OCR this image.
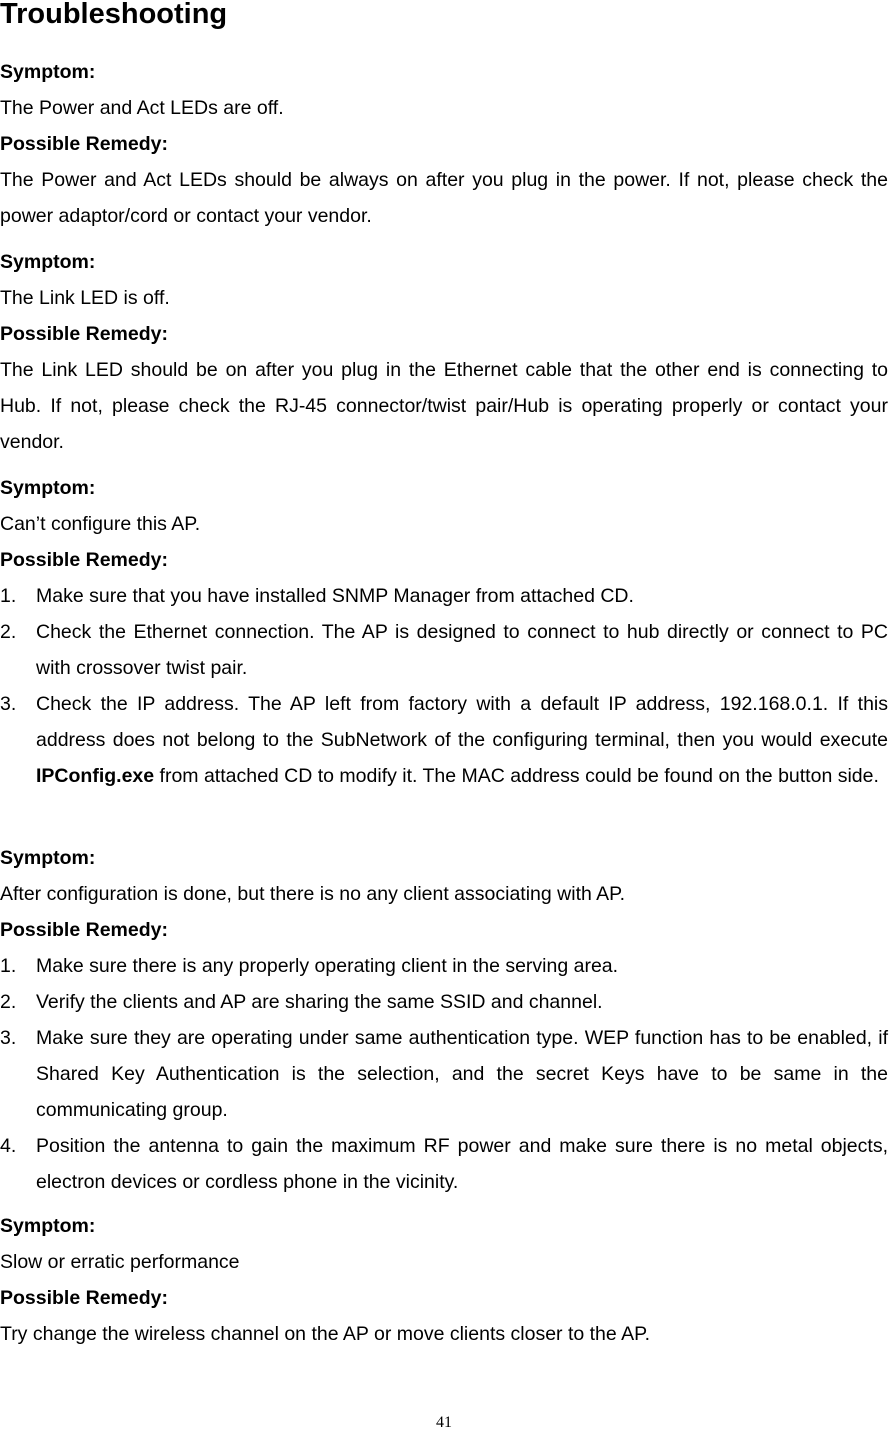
Troubleshooting
Symptom:
The Power and Act LEDs are off.
Possible Remedy:
The Power and Act LEDs should be always on after you plug in the power. If not, please check the power adaptor/cord or contact your vendor.
Symptom:
The Link LED is off.
Possible Remedy:
The Link LED should be on after you plug in the Ethernet cable that the other end is connecting to Hub. If not, please check the RJ-45 connector/twist pair/Hub is operating properly or contact your vendor.
Symptom:
Can’t configure this AP.
Possible Remedy:
1.	Make sure that you have installed SNMP Manager from attached CD.
2.	Check the Ethernet connection. The AP is designed to connect to hub directly or connect to PC with crossover twist pair.
3.	Check the IP address. The AP left from factory with a default IP address, 192.168.0.1. If this address does not belong to the SubNetwork of the configuring terminal, then you would execute IPConfig.exe from attached CD to modify it. The MAC address could be found on the button side.
Symptom:
After configuration is done, but there is no any client associating with AP.
Possible Remedy:
1.	Make sure there is any properly operating client in the serving area.
2.	Verify the clients and AP are sharing the same SSID and channel.
3.	Make sure they are operating under same authentication type. WEP function has to be enabled, if Shared Key Authentication is the selection, and the secret Keys have to be same in the communicating group.
4.	Position the antenna to gain the maximum RF power and make sure there is no metal objects, electron devices or cordless phone in the vicinity.
Symptom:
Slow or erratic performance
Possible Remedy:
Try change the wireless channel on the AP or move clients closer to the AP.
41
